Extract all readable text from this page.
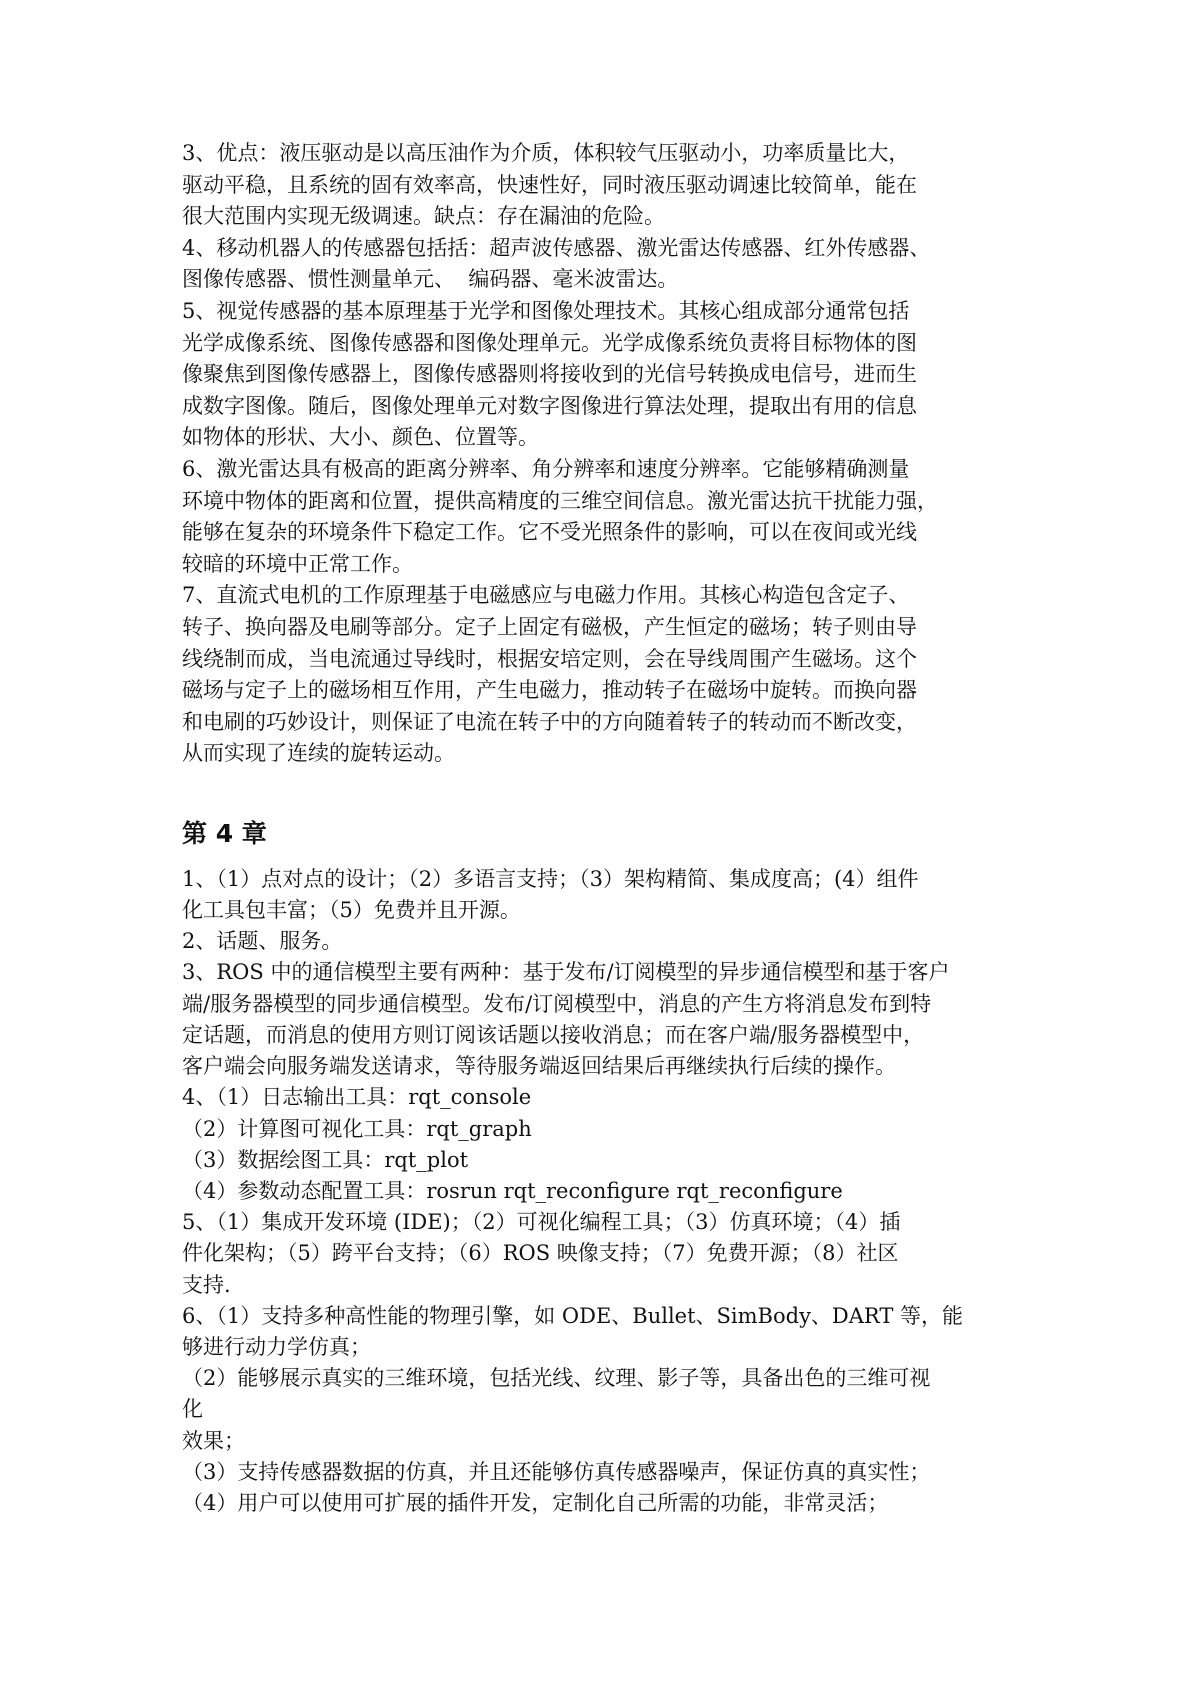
3、优点：液压驱动是以高压油作为介质，体积较气压驱动小，功率质量比大，
驱动平稳，且系统的固有效率高，快速性好，同时液压驱动调速比较简单，能在
很大范围内实现无级调速。缺点：存在漏油的危险。

4、移动机器人的传感器包括括：超声波传感器、激光雷达传感器、红外传感器、
图像传感器、惯性测量单元、  编码器、毫米波雷达。

5、视觉传感器的基本原理基于光学和图像处理技术。其核心组成部分通常包括
光学成像系统、图像传感器和图像处理单元。光学成像系统负责将目标物体的图
像聚焦到图像传感器上，图像传感器则将接收到的光信号转换成电信号，进而生
成数字图像。随后，图像处理单元对数字图像进行算法处理，提取出有用的信息
如物体的形状、大小、颜色、位置等。

6、激光雷达具有极高的距离分辨率、角分辨率和速度分辨率。它能够精确测量
环境中物体的距离和位置，提供高精度的三维空间信息。激光雷达抗干扰能力强，
能够在复杂的环境条件下稳定工作。它不受光照条件的影响，可以在夜间或光线
较暗的环境中正常工作。

7、直流式电机的工作原理基于电磁感应与电磁力作用。其核心构造包含定子、
转子、换向器及电刷等部分。定子上固定有磁极，产生恒定的磁场；转子则由导
线绕制而成，当电流通过导线时，根据安培定则，会在导线周围产生磁场。这个
磁场与定子上的磁场相互作用，产生电磁力，推动转子在磁场中旋转。而换向器
和电刷的巧妙设计，则保证了电流在转子中的方向随着转子的转动而不断改变，
从而实现了连续的旋转运动。

第 4 章

1、（1）点对点的设计；（2）多语言支持；（3）架构精简、集成度高；(4）组件
化工具包丰富；（5）免费并且开源。

2、话题、服务。

3、ROS 中的通信模型主要有两种：基于发布/订阅模型的异步通信模型和基于客户
端/服务器模型的同步通信模型。发布/订阅模型中，消息的产生方将消息发布到特
定话题，而消息的使用方则订阅该话题以接收消息；而在客户端/服务器模型中，
客户端会向服务端发送请求，等待服务端返回结果后再继续执行后续的操作。

4、（1）日志输出工具：rqt_console
（2）计算图可视化工具：rqt_graph
（3）数据绘图工具：rqt_plot
（4）参数动态配置工具：rosrun rqt_reconfigure rqt_reconfigure

5、（1）集成开发环境 (IDE)；（2）可视化编程工具；（3）仿真环境；（4）插
件化架构；（5）跨平台支持；（6）ROS 映像支持；（7）免费开源；（8）社区
支持.

6、（1）支持多种高性能的物理引擎，如 ODE、Bullet、SimBody、DART 等，能
够进行动力学仿真；
（2）能够展示真实的三维环境，包括光线、纹理、影子等，具备出色的三维可视
化
效果；
（3）支持传感器数据的仿真，并且还能够仿真传感器噪声，保证仿真的真实性；
（4）用户可以使用可扩展的插件开发，定制化自己所需的功能，非常灵活；
